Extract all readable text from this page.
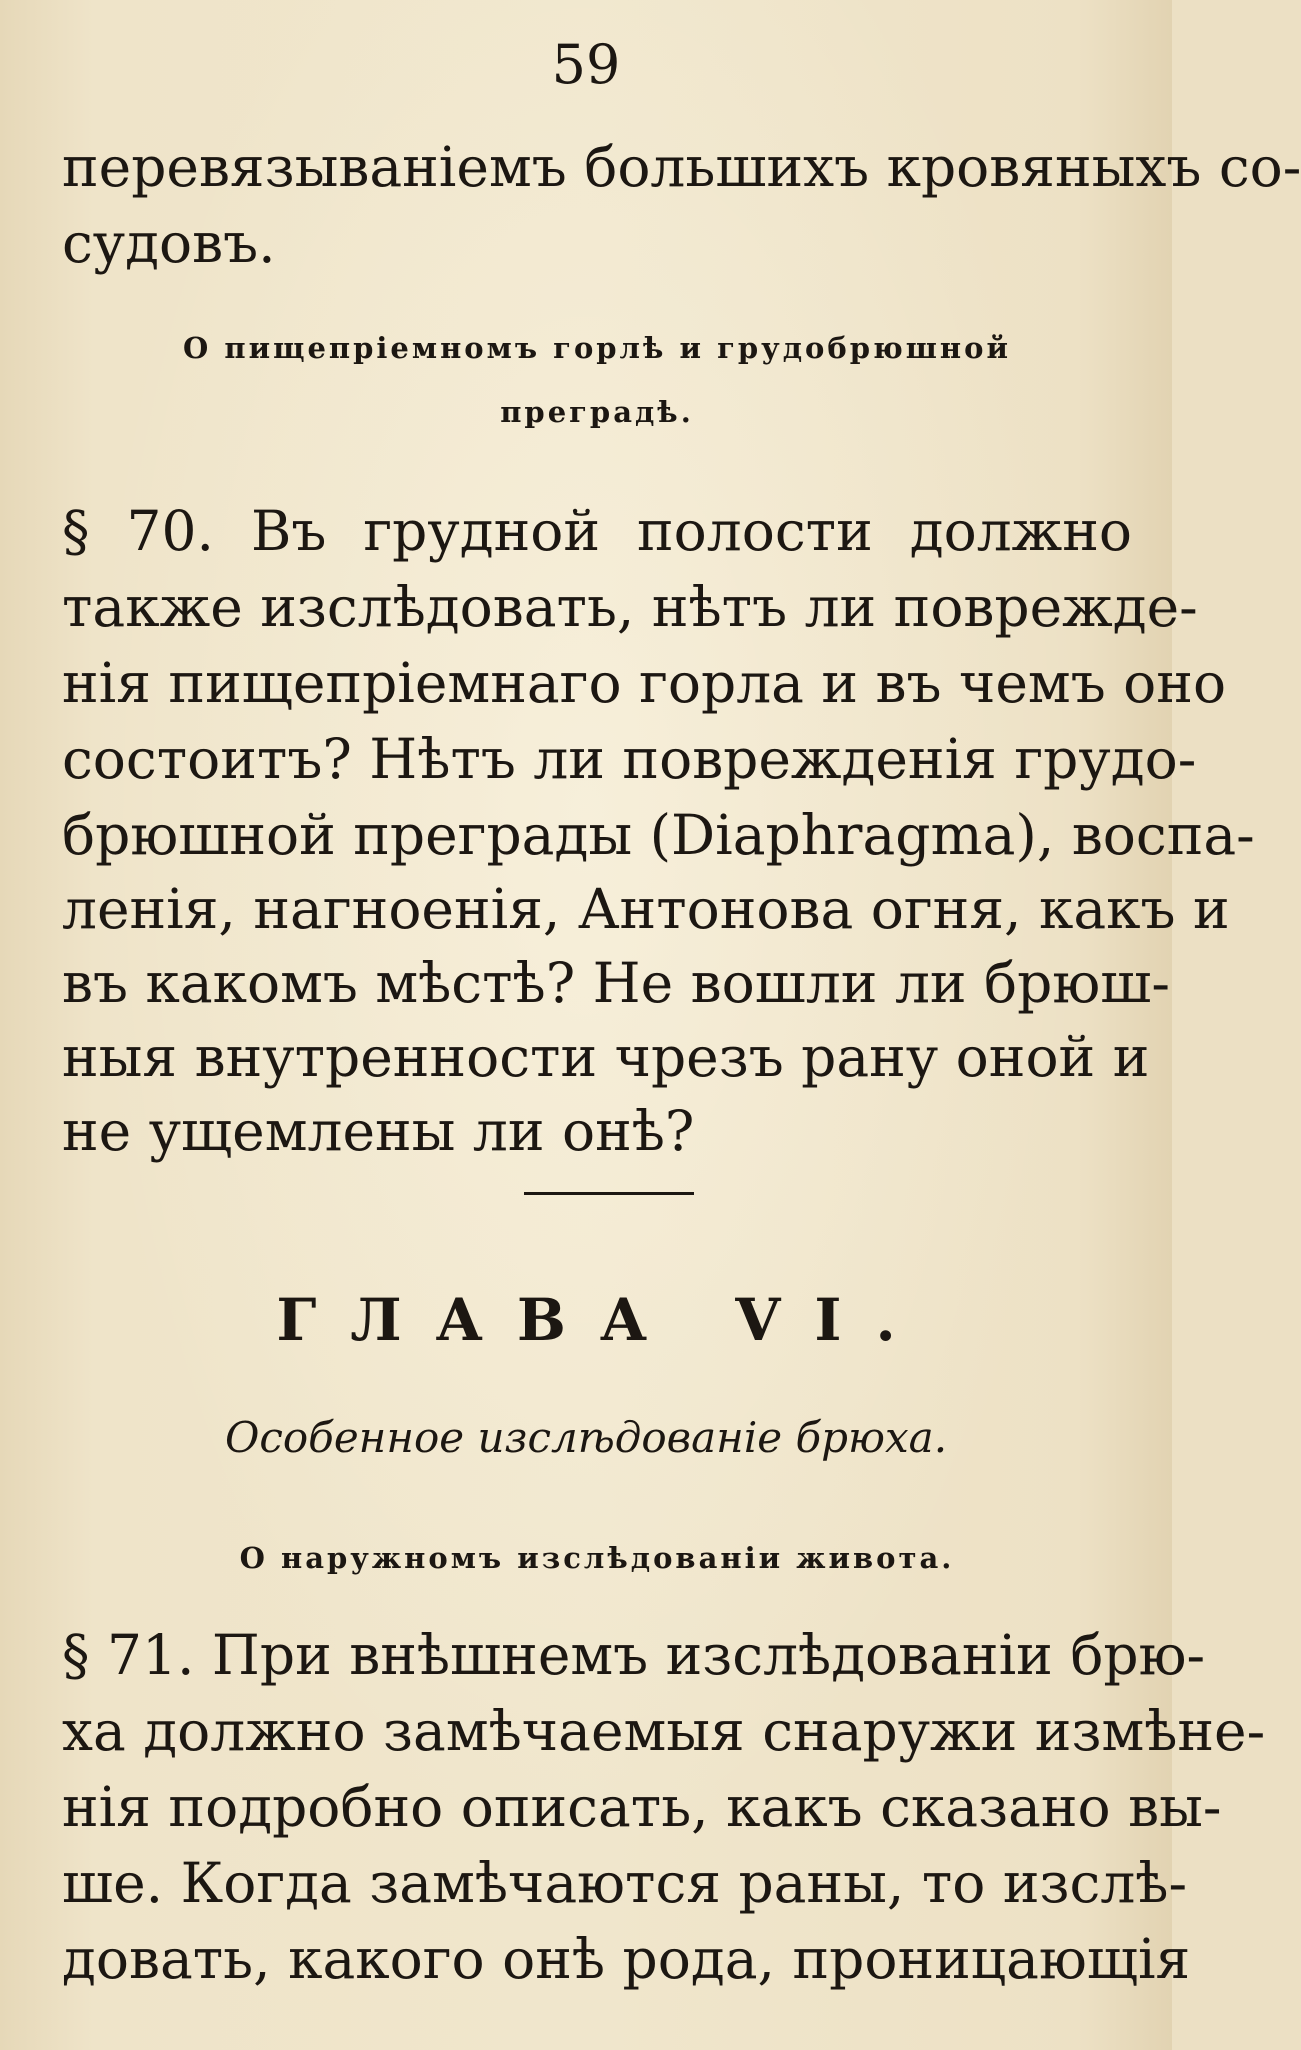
59
перевязываніемъ большихъ кровяныхъ со-
судовъ.
О пищепріемномъ горлѣ и грудобрюшной
преградѣ.
§ 70. Въ грудной полости должно
также изслѣдовать, нѣтъ ли поврежде-
нія пищепріемнаго горла и въ чемъ оно
состоитъ? Нѣтъ ли поврежденія грудо-
брюшной преграды (Diaphragma), воспа-
ленія, нагноенія, Антонова огня, какъ и
въ какомъ мѣстѣ? Не вошли ли брюш-
ныя внутренности чрезъ рану оной и
не ущемлены ли онѣ?
ГЛАВА VI.
Особенное изслѣдованіе брюха.
О наружномъ изслѣдованіи живота.
§ 71. При внѣшнемъ изслѣдованіи брю-
ха должно замѣчаемыя снаружи измѣне-
нія подробно описать, какъ сказано вы-
ше. Когда замѣчаются раны, то изслѣ-
довать, какого онѣ рода, проницающія
